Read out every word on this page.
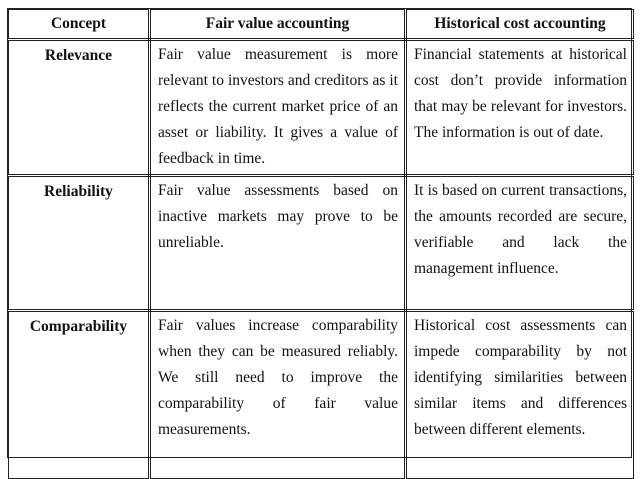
Concept	Fair value accounting	Historical cost accounting
Relevance	Fair value measurement is more relevant to investors and creditors as it reflects the current market price of an asset or liability. It gives a value of feedback in time.	Financial statements at historical cost don’t provide information that may be relevant for investors. The information is out of date.
Reliability	Fair value assessments based on inactive markets may prove to be unreliable.	It is based on current transactions, the amounts recorded are secure, verifiable and lack the management influence.
Comparability	Fair values increase comparability when they can be measured reliably. We still need to improve the comparability of fair value measurements.	Historical cost assessments can impede comparability by not identifying similarities between similar items and differences between different elements.
